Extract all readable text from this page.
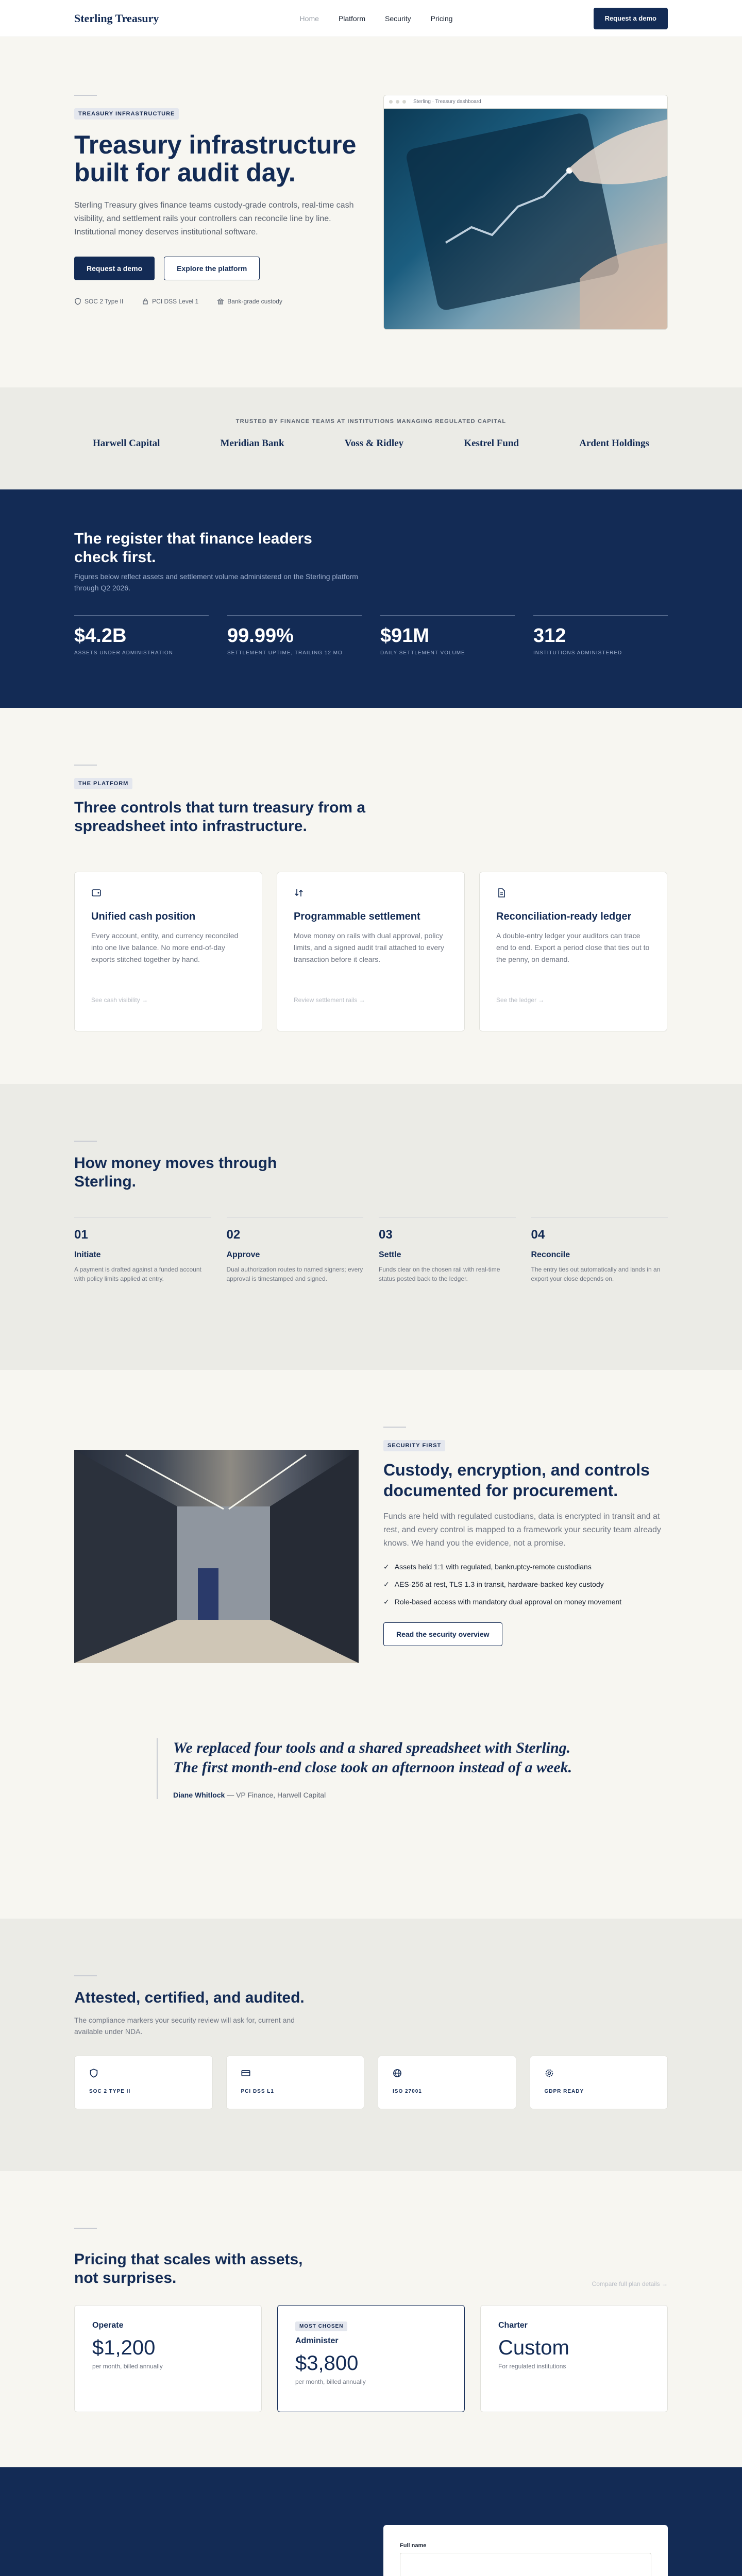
Sterling Treasury	Home	Platform	Security	Pricing	Request a demo
TREASURY INFRASTRUCTURE
Treasury infrastructure built for audit day.

Sterling Treasury gives finance teams custody-grade controls, real-time cash visibility, and settlement rails your controllers can reconcile line by line. Institutional money deserves institutional software.

Request a demo	Explore the platform
SOC 2 Type II	PCI DSS Level 1	Bank-grade custody
Sterling · Treasury dashboard
TRUSTED BY FINANCE TEAMS AT INSTITUTIONS MANAGING REGULATED CAPITAL
Harwell Capital	Meridian Bank	Voss & Ridley	Kestrel Fund	Ardent Holdings
The register that finance leaders check first.

Figures below reflect assets and settlement volume administered on the Sterling platform through Q2 2026.

$4.2B
ASSETS UNDER ADMINISTRATION
99.99%
SETTLEMENT UPTIME, TRAILING 12 MO
$91M
DAILY SETTLEMENT VOLUME
312
INSTITUTIONS ADMINISTERED
THE PLATFORM
Three controls that turn treasury from a spreadsheet into infrastructure.
Unified cash position

Every account, entity, and currency reconciled into one live balance. No more end-of-day exports stitched together by hand.

See cash visibility →
Programmable settlement

Move money on rails with dual approval, policy limits, and a signed audit trail attached to every transaction before it clears.

Review settlement rails →
Reconciliation-ready ledger

A double-entry ledger your auditors can trace end to end. Export a period close that ties out to the penny, on demand.

See the ledger →
How money moves through Sterling.
01
Initiate
A payment is drafted against a funded account with policy limits applied at entry.
02
Approve
Dual authorization routes to named signers; every approval is timestamped and signed.
03
Settle
Funds clear on the chosen rail with real-time status posted back to the ledger.
04
Reconcile
The entry ties out automatically and lands in an export your close depends on.
SECURITY FIRST
Custody, encryption, and controls documented for procurement.

Funds are held with regulated custodians, data is encrypted in transit and at rest, and every control is mapped to a framework your security team already knows. We hand you the evidence, not a promise.

✓ Assets held 1:1 with regulated, bankruptcy-remote custodians
✓ AES-256 at rest, TLS 1.3 in transit, hardware-backed key custody
✓ Role-based access with mandatory dual approval on money movement
Read the security overview
We replaced four tools and a shared spreadsheet with Sterling. The first month-end close took an afternoon instead of a week.
Diane Whitlock — VP Finance, Harwell Capital
Attested, certified, and audited.

The compliance markers your security review will ask for, current and available under NDA.

SOC 2 TYPE II	PCI DSS L1	ISO 27001	GDPR READY
Pricing that scales with assets, not surprises.	Compare full plan details →
Operate
$1,200
per month, billed annually
MOST CHOSEN
Administer
$3,800
per month, billed annually
Charter
Custom
For regulated institutions

Full name
